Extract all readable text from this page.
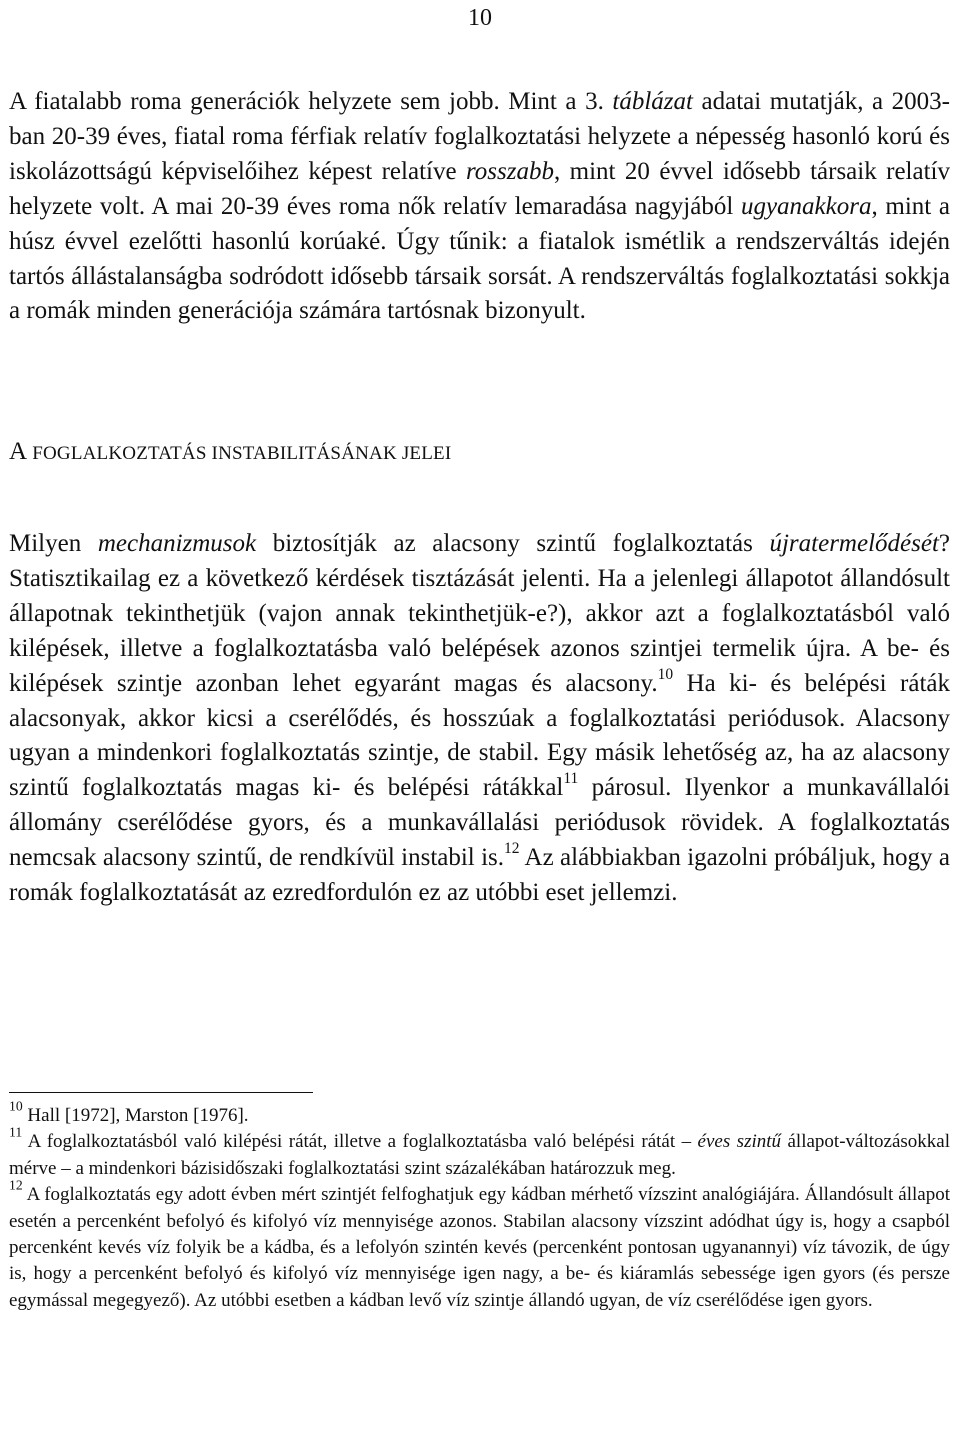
10

A fiatalabb roma generációk helyzete sem jobb. Mint a 3. táblázat adatai mutatják, a 2003-ban 20-39 éves, fiatal roma férfiak relatív foglalkoztatási helyzete a népesség hasonló korú és iskolázottságú képviselőihez képest relatíve rosszabb, mint 20 évvel idősebb társaik relatív helyzete volt. A mai 20-39 éves roma nők relatív lemaradása nagyjából ugyanakkora, mint a húsz évvel ezelőtti hasonlú korúaké. Úgy tűnik: a fiatalok ismétlik a rendszerváltás idején tartós állástalanságba sodródott idősebb társaik sorsát. A rendszerváltás foglalkoztatási sokkja a romák minden generációja számára tartósnak bizonyult.

A FOGLALKOZTATÁS INSTABILITÁSÁNAK JELEI

Milyen mechanizmusok biztosítják az alacsony szintű foglalkoztatás újratermelődését? Statisztikailag ez a következő kérdések tisztázását jelenti. Ha a jelenlegi állapotot állandósult állapotnak tekinthetjük (vajon annak tekinthetjük-e?), akkor azt a foglalkoztatásból való kilépések, illetve a foglalkoztatásba való belépések azonos szintjei termelik újra. A be- és kilépések szintje azonban lehet egyaránt magas és alacsony.$^{10}$ Ha ki- és belépési ráták alacsonyak, akkor kicsi a cserélődés, és hosszúak a foglalkoztatási periódusok. Alacsony ugyan a mindenkori foglalkoztatás szintje, de stabil. Egy másik lehetőség az, ha az alacsony szintű foglalkoztatás magas ki- és belépési rátákkal$^{11}$ párosul. Ilyenkor a munkavállalói állomány cserélődése gyors, és a munkavállalási periódusok rövidek. A foglalkoztatás nemcsak alacsony szintű, de rendkívül instabil is.$^{12}$ Az alábbiakban igazolni próbáljuk, hogy a romák foglalkoztatását az ezredfordulón ez az utóbbi eset jellemzi.

$^{10}$ Hall [1972], Marston [1976].

$^{11}$ A foglalkoztatásból való kilépési rátát, illetve a foglalkoztatásba való belépési rátát – éves szintű állapot-változásokkal mérve – a mindenkori bázisidőszaki foglalkoztatási szint százalékában határozzuk meg.

$^{12}$ A foglalkoztatás egy adott évben mért szintjét felfoghatjuk egy kádban mérhető vízszint analógiájára. Állandósult állapot esetén a percenként befolyó és kifolyó víz mennyisége azonos. Stabilan alacsony vízszint adódhat úgy is, hogy a csapból percenként kevés víz folyik be a kádba, és a lefolyón szintén kevés (percenként pontosan ugyanannyi) víz távozik, de úgy is, hogy a percenként befolyó és kifolyó víz mennyisége igen nagy, a be- és kiáramlás sebessége igen gyors (és persze egymással megegyező). Az utóbbi esetben a kádban levő víz szintje állandó ugyan, de víz cserélődése igen gyors.
